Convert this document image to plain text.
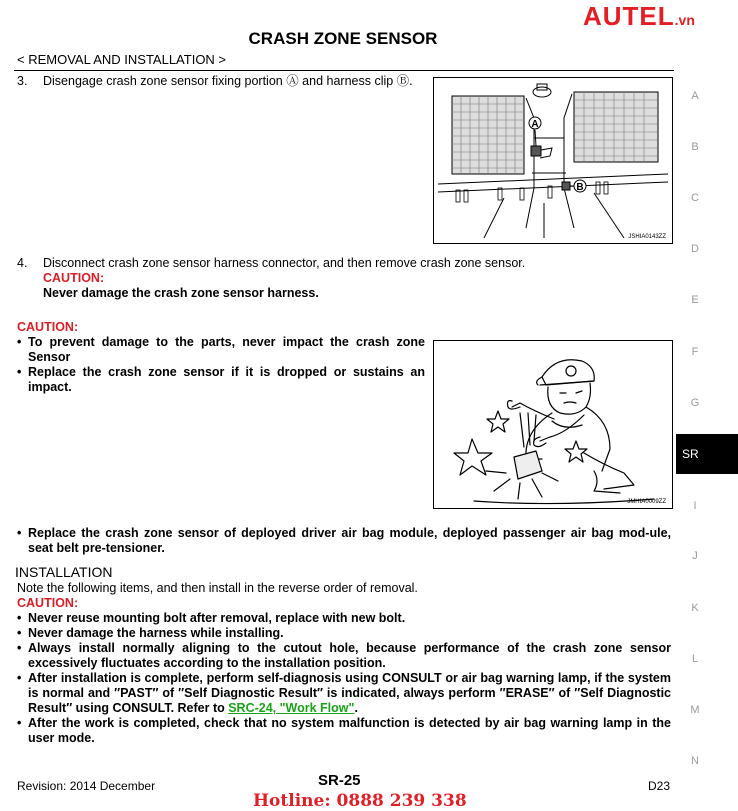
AUTEL.vn
CRASH ZONE SENSOR
< REMOVAL AND INSTALLATION >
3. Disengage crash zone sensor fixing portion Ⓐ and harness clip Ⓑ.
A
B
JSHIA0143ZZ
4. Disconnect crash zone sensor harness connector, and then remove crash zone sensor.
CAUTION:
Never damage the crash zone sensor harness.
CAUTION:
• To prevent damage to the parts, never impact the crash zone Sensor
• Replace the crash zone sensor if it is dropped or sustains an impact.
JMHIA0009ZZ
• Replace the crash zone sensor of deployed driver air bag module, deployed passenger air bag mod-ule, seat belt pre-tensioner.
INSTALLATION
Note the following items, and then install in the reverse order of removal.
CAUTION:
• Never reuse mounting bolt after removal, replace with new bolt.
• Never damage the harness while installing.
• Always install normally aligning to the cutout hole, because performance of the crash zone sensor excessively fluctuates according to the installation position.
• After installation is complete, perform self-diagnosis using CONSULT or air bag warning lamp, if the system is normal and ″PAST″ of ″Self Diagnostic Result″ is indicated, always perform ″ERASE″ of ″Self Diagnostic Result″ using CONSULT. Refer to SRC-24, "Work Flow".
• After the work is completed, check that no system malfunction is detected by air bag warning lamp in the user mode.
A
B
C
D
E
F
G
I
J
K
L
M
N
SR
Revision: 2014 December	SR-25	D23
Hotline: 0888 239 338
